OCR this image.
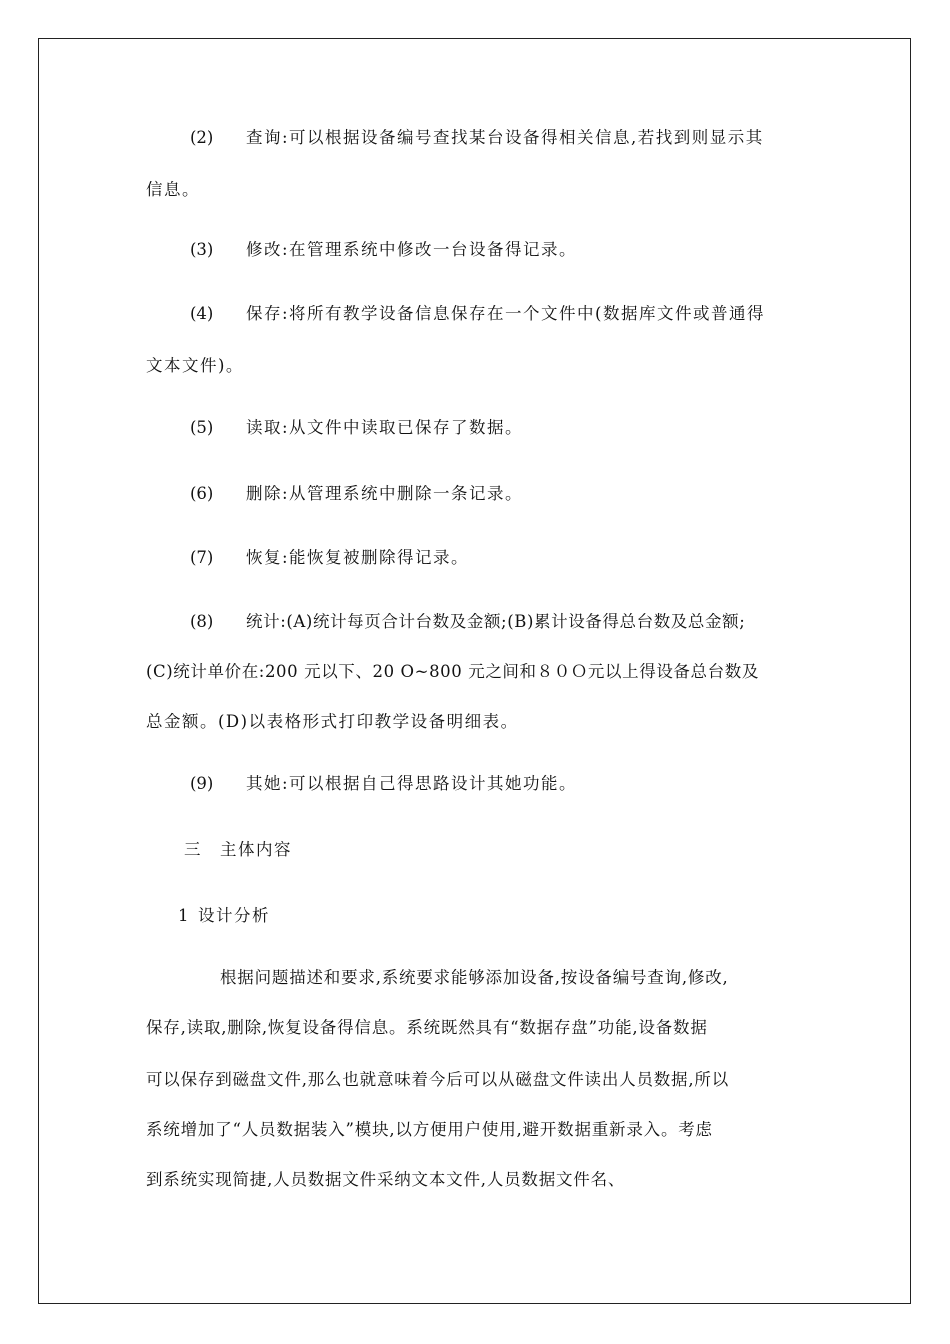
(2) 查询:可以根据设备编号查找某台设备得相关信息,若找到则显示其
信息。
(3) 修改:在管理系统中修改一台设备得记录。
(4) 保存:将所有教学设备信息保存在一个文件中(数据库文件或普通得
文本文件)。
(5) 读取:从文件中读取已保存了数据。
(6) 删除:从管理系统中删除一条记录。
(7) 恢复:能恢复被删除得记录。
(8) 统计:(A)统计每页合计台数及金额;(B)累计设备得总台数及总金额;
(C)统计单价在:200 元以下、20 O~800 元之间和８０Ｏ元以上得设备总台数及
总金额。(D)以表格形式打印教学设备明细表。
(9) 其她:可以根据自己得思路设计其她功能。
三 主体内容
1 设计分析
根据问题描述和要求,系统要求能够添加设备,按设备编号查询,修改,
保存,读取,删除,恢复设备得信息。系统既然具有“数据存盘”功能,设备数据
可以保存到磁盘文件,那么也就意味着今后可以从磁盘文件读出人员数据,所以
系统增加了“人员数据装入”模块,以方便用户使用,避开数据重新录入。考虑
到系统实现简捷,人员数据文件采纳文本文件,人员数据文件名、
